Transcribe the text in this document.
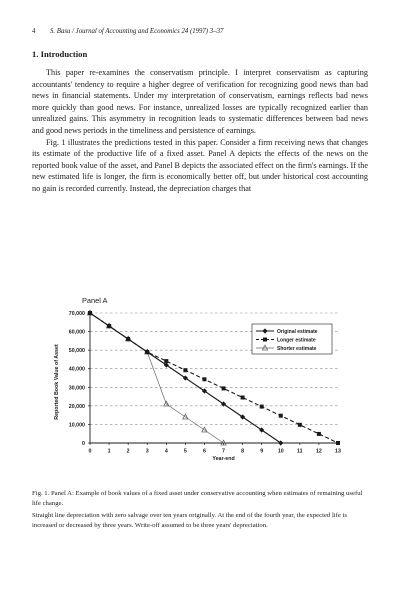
4 S. Basu / Journal of Accounting and Economics 24 (1997) 3–37
1. Introduction

This paper re-examines the conservatism principle. I interpret conservatism as capturing accountants' tendency to require a higher degree of verification for recognizing good news than bad news in financial statements. Under my interpretation of conservatism, earnings reflects bad news more quickly than good news. For instance, unrealized losses are typically recognized earlier than unrealized gains. This asymmetry in recognition leads to systematic differences between bad news and good news periods in the timeliness and persistence of earnings.

Fig. 1 illustrates the predictions tested in this paper. Consider a firm receiving news that changes its estimate of the productive life of a fixed asset. Panel A depicts the effects of the news on the reported book value of the asset, and Panel B depicts the associated effect on the firm's earnings. If the new estimated life is longer, the firm is economically better off, but under historical cost accounting no gain is recorded currently. Instead, the depreciation charges that

Panel A
0
10,000
20,000
30,000
40,000
50,000
60,000
70,000
0	1	2	3	4	5	6	7	8	9	10	11	12 13
Year-end
Reported Book Value of Asset
Original estimate
Longer estimate
Shorter estimate

Fig. 1. Panel A: Example of book values of a fixed asset under conservative accounting when estimates of remaining useful life change.

Straight line depreciation with zero salvage over ten years originally. At the end of the fourth year, the expected life is increased or decreased by three years. Write-off assumed to be three years' depreciation.
